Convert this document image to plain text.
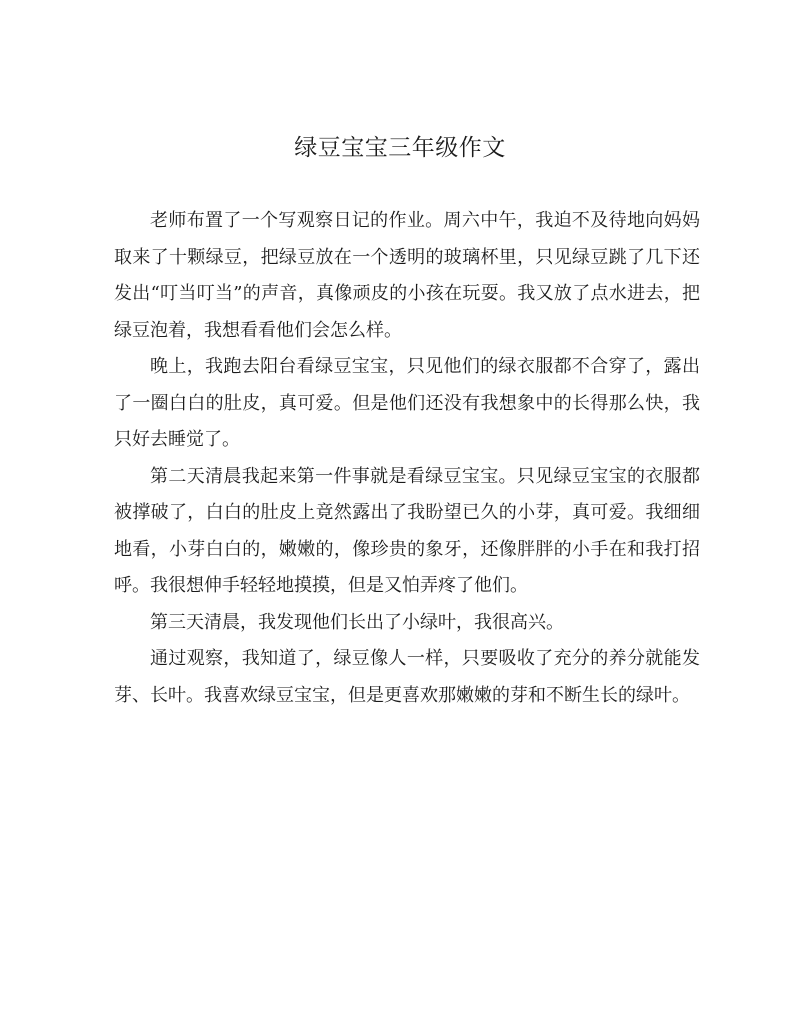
绿豆宝宝三年级作文

老师布置了一个写观察日记的作业。周六中午，我迫不及待地向妈妈取来了十颗绿豆，把绿豆放在一个透明的玻璃杯里，只见绿豆跳了几下还发出“叮当叮当”的声音，真像顽皮的小孩在玩耍。我又放了点水进去，把绿豆泡着，我想看看他们会怎么样。

晚上，我跑去阳台看绿豆宝宝，只见他们的绿衣服都不合穿了，露出了一圈白白的肚皮，真可爱。但是他们还没有我想象中的长得那么快，我只好去睡觉了。

第二天清晨我起来第一件事就是看绿豆宝宝。只见绿豆宝宝的衣服都被撑破了，白白的肚皮上竟然露出了我盼望已久的小芽，真可爱。我细细地看，小芽白白的，嫩嫩的，像珍贵的象牙，还像胖胖的小手在和我打招呼。我很想伸手轻轻地摸摸，但是又怕弄疼了他们。

第三天清晨，我发现他们长出了小绿叶，我很高兴。

通过观察，我知道了，绿豆像人一样，只要吸收了充分的养分就能发芽、长叶。我喜欢绿豆宝宝，但是更喜欢那嫩嫩的芽和不断生长的绿叶。
